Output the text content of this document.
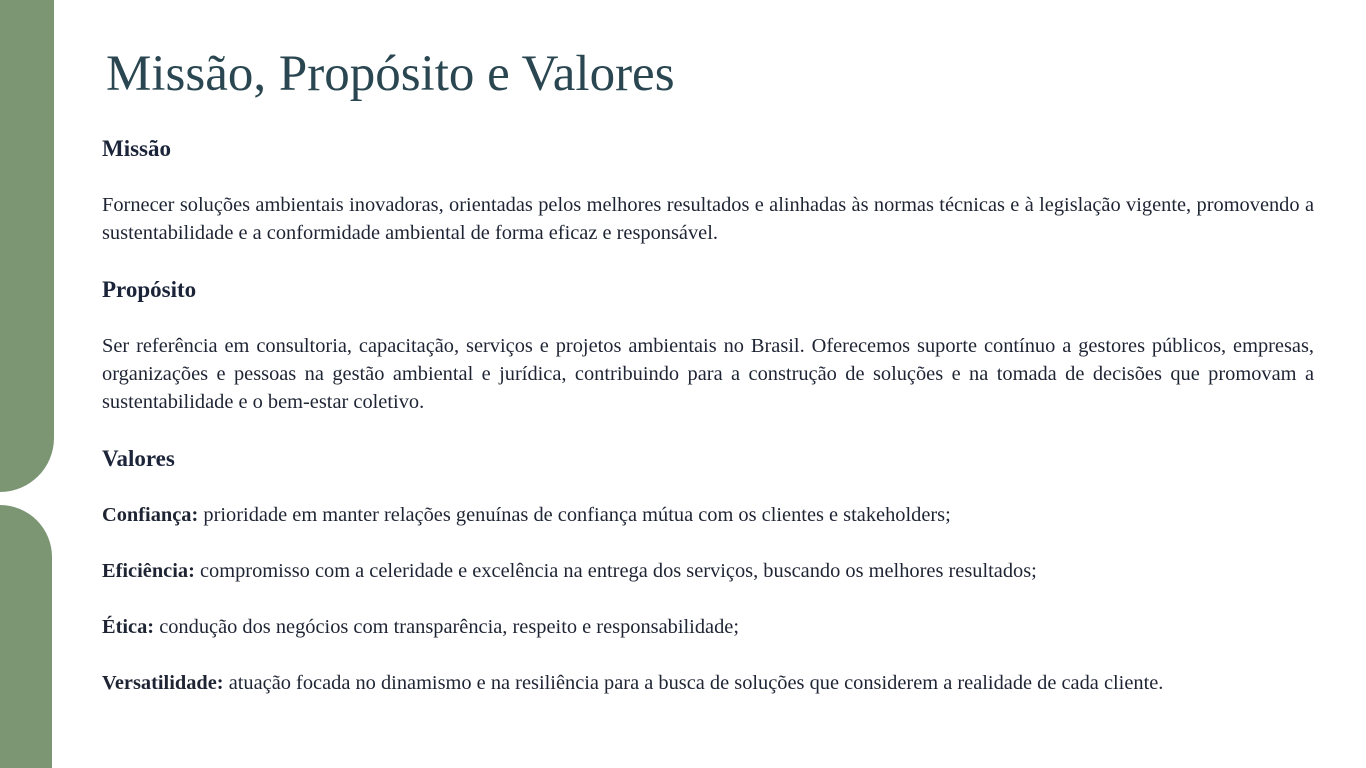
Missão, Propósito e Valores
Missão

Fornecer soluções ambientais inovadoras, orientadas pelos melhores resultados e alinhadas às normas técnicas e à legislação vigente, promovendo a sustentabilidade e a conformidade ambiental de forma eficaz e responsável.

Propósito

Ser referência em consultoria, capacitação, serviços e projetos ambientais no Brasil. Oferecemos suporte contínuo a gestores públicos, empresas, organizações e pessoas na gestão ambiental e jurídica, contribuindo para a construção de soluções e na tomada de decisões que promovam a sustentabilidade e o bem-estar coletivo.

Valores

Confiança: prioridade em manter relações genuínas de confiança mútua com os clientes e stakeholders;

Eficiência: compromisso com a celeridade e excelência na entrega dos serviços, buscando os melhores resultados;

Ética: condução dos negócios com transparência, respeito e responsabilidade;

Versatilidade: atuação focada no dinamismo e na resiliência para a busca de soluções que considerem a realidade de cada cliente.
